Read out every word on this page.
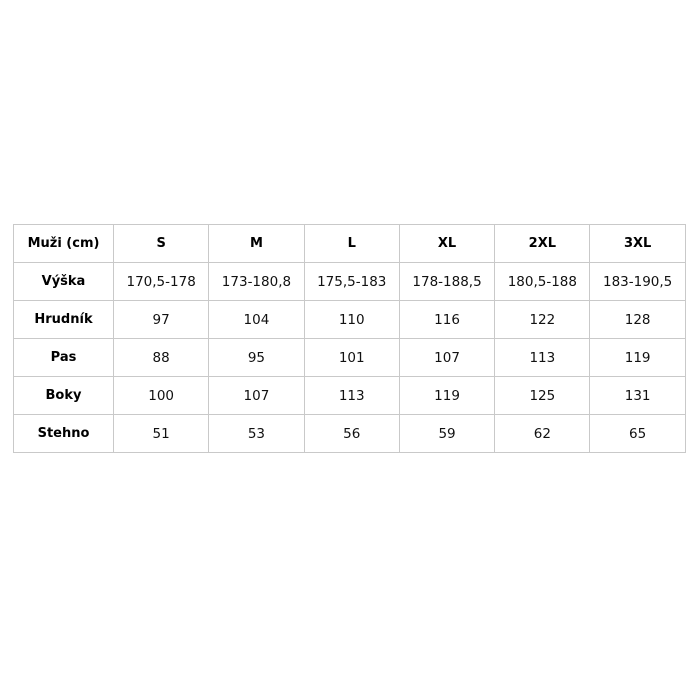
Muži (cm)	S	M	L	XL	2XL	3XL
Výška	170,5-178	173-180,8	175,5-183	178-188,5	180,5-188	183-190,5
Hrudník	97	104	110	116	122	128
Pas	88	95	101	107	113	119
Boky	100	107	113	119	125	131
Stehno	51	53	56	59	62	65
